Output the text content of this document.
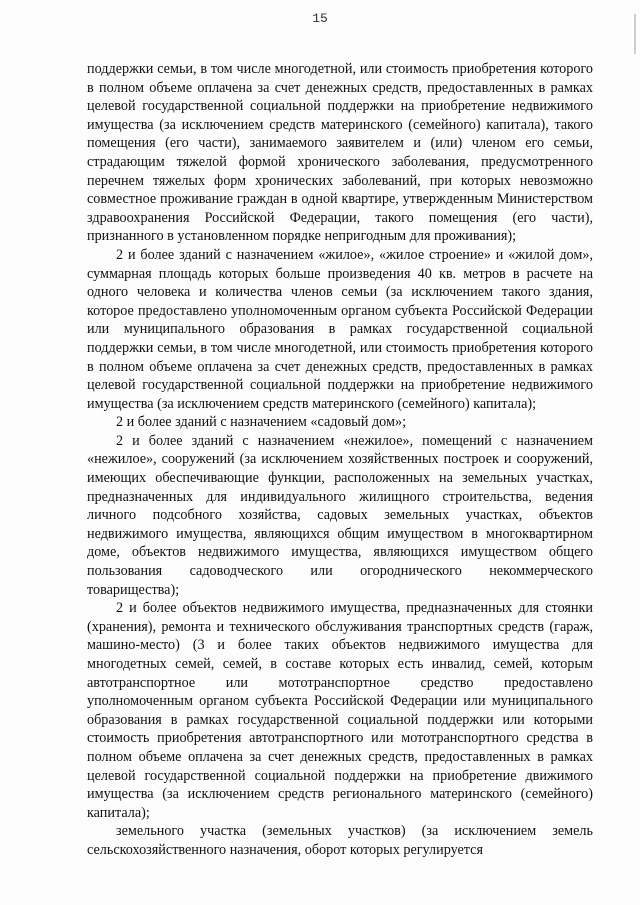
15

поддержки семьи, в том числе многодетной, или стоимость приобретения которого в полном объеме оплачена за счет денежных средств, предоставленных в рамках целевой государственной социальной поддержки на приобретение недвижимого имущества (за исключением средств материнского (семейного) капитала), такого помещения (его части), занимаемого заявителем и (или) членом его семьи, страдающим тяжелой формой хронического заболевания, предусмотренного перечнем тяжелых форм хронических заболеваний, при которых невозможно совместное проживание граждан в одной квартире, утвержденным Министерством здравоохранения Российской Федерации, такого помещения (его части), признанного в установленном порядке непригодным для проживания);

2 и более зданий с назначением «жилое», «жилое строение» и «жилой дом», суммарная площадь которых больше произведения 40 кв. метров в расчете на одного человека и количества членов семьи (за исключением такого здания, которое предоставлено уполномоченным органом субъекта Российской Федерации или муниципального образования в рамках государственной социальной поддержки семьи, в том числе многодетной, или стоимость приобретения которого в полном объеме оплачена за счет денежных средств, предоставленных в рамках целевой государственной социальной поддержки на приобретение недвижимого имущества (за исключением средств материнского (семейного) капитала);

2 и более зданий с назначением «садовый дом»;

2 и более зданий с назначением «нежилое», помещений с назначением «нежилое», сооружений (за исключением хозяйственных построек и сооружений, имеющих обеспечивающие функции, расположенных на земельных участках, предназначенных для индивидуального жилищного строительства, ведения личного подсобного хозяйства, садовых земельных участках, объектов недвижимого имущества, являющихся общим имуществом в многоквартирном доме, объектов недвижимого имущества, являющихся имуществом общего пользования садоводческого или огороднического некоммерческого товарищества);

2 и более объектов недвижимого имущества, предназначенных для стоянки (хранения), ремонта и технического обслуживания транспортных средств (гараж, машино-место) (3 и более таких объектов недвижимого имущества для многодетных семей, семей, в составе которых есть инвалид, семей, которым автотранспортное или мототранспортное средство предоставлено уполномоченным органом субъекта Российской Федерации или муниципального образования в рамках государственной социальной поддержки или которыми стоимость приобретения автотранспортного или мототранспортного средства в полном объеме оплачена за счет денежных средств, предоставленных в рамках целевой государственной социальной поддержки на приобретение движимого имущества (за исключением средств регионального материнского (семейного) капитала);

земельного участка (земельных участков) (за исключением земель сельскохозяйственного назначения, оборот которых регулируется
